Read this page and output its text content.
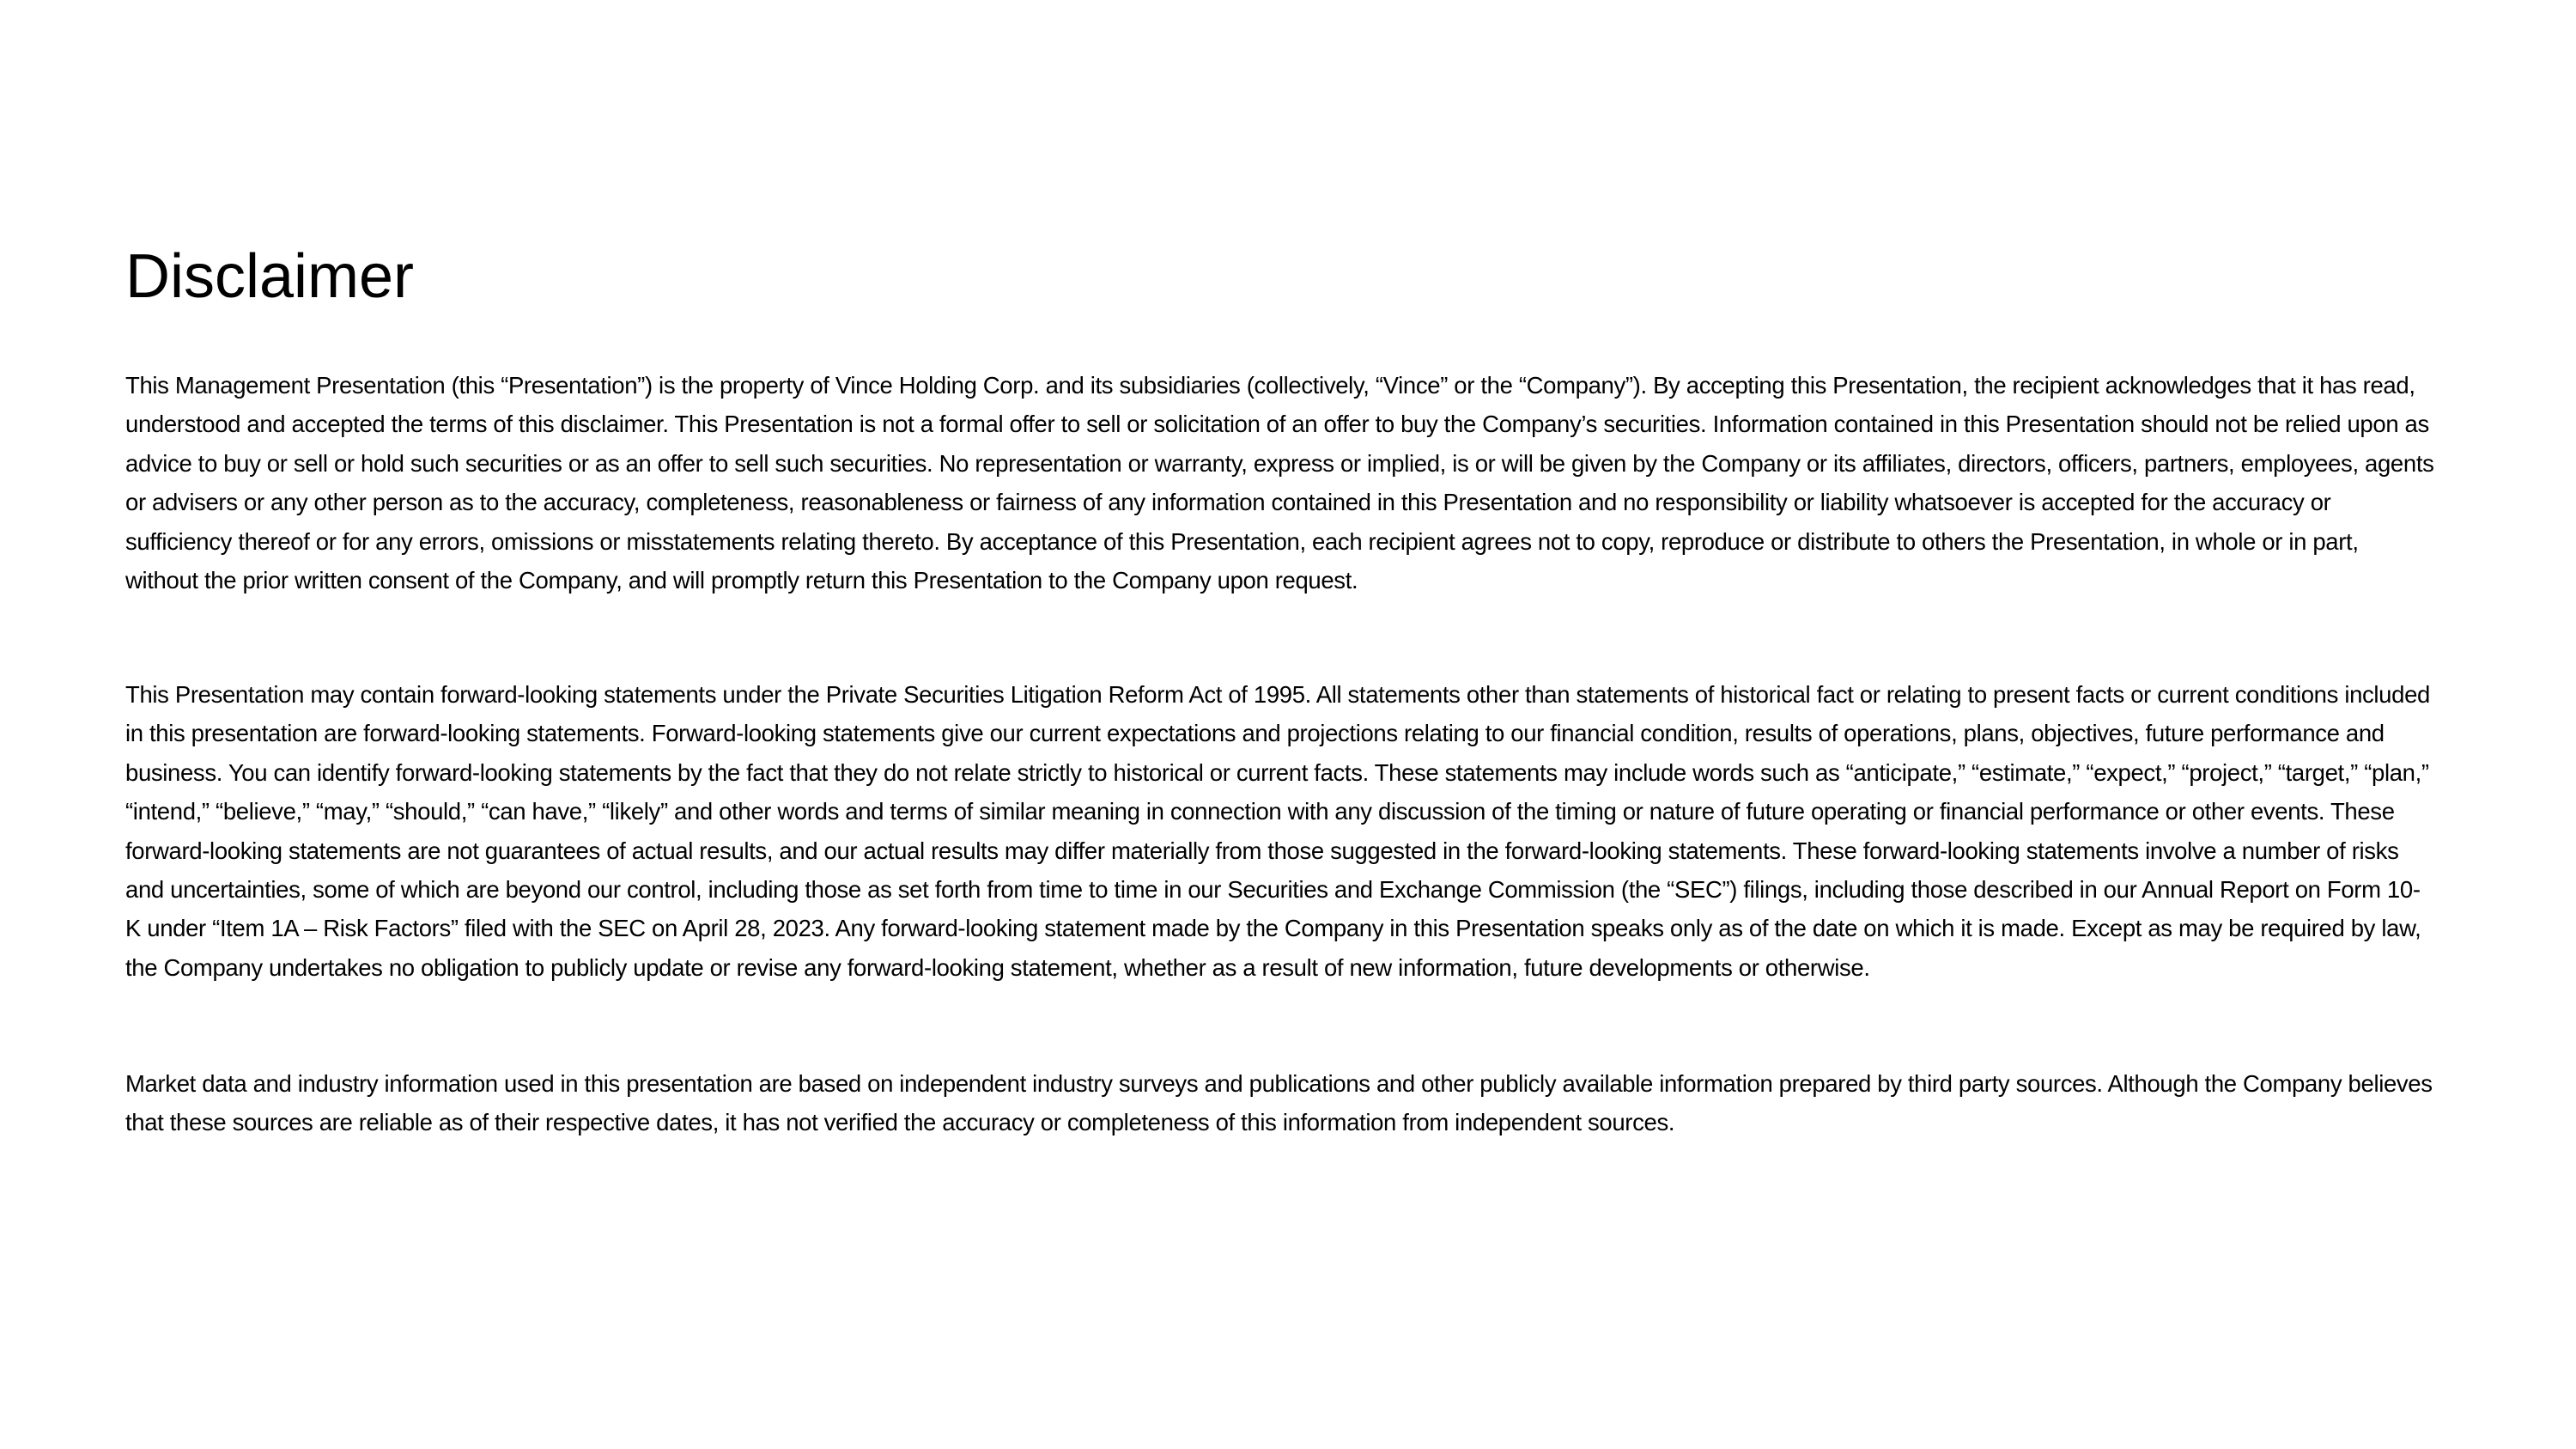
Disclaimer

This Management Presentation (this “Presentation”) is the property of Vince Holding Corp. and its subsidiaries (collectively, “Vince” or the “Company”). By accepting this Presentation, the recipient acknowledges that it has read, understood and accepted the terms of this disclaimer. This Presentation is not a formal offer to sell or solicitation of an offer to buy the Company’s securities. Information contained in this Presentation should not be relied upon as advice to buy or sell or hold such securities or as an offer to sell such securities. No representation or warranty, express or implied, is or will be given by the Company or its affiliates, directors, officers, partners, employees, agents or advisers or any other person as to the accuracy, completeness, reasonableness or fairness of any information contained in this Presentation and no responsibility or liability whatsoever is accepted for the accuracy or sufficiency thereof or for any errors, omissions or misstatements relating thereto. By acceptance of this Presentation, each recipient agrees not to copy, reproduce or distribute to others the Presentation, in whole or in part, without the prior written consent of the Company, and will promptly return this Presentation to the Company upon request.

This Presentation may contain forward-looking statements under the Private Securities Litigation Reform Act of 1995. All statements other than statements of historical fact or relating to present facts or current conditions included in this presentation are forward-looking statements. Forward-looking statements give our current expectations and projections relating to our financial condition, results of operations, plans, objectives, future performance and business. You can identify forward-looking statements by the fact that they do not relate strictly to historical or current facts. These statements may include words such as “anticipate,” “estimate,” “expect,” “project,” “target,” “plan,” “intend,” “believe,” “may,” “should,” “can have,” “likely” and other words and terms of similar meaning in connection with any discussion of the timing or nature of future operating or financial performance or other events. These forward-looking statements are not guarantees of actual results, and our actual results may differ materially from those suggested in the forward-looking statements. These forward-looking statements involve a number of risks and uncertainties, some of which are beyond our control, including those as set forth from time to time in our Securities and Exchange Commission (the “SEC”) filings, including those described in our Annual Report on Form 10-K under “Item 1A – Risk Factors” filed with the SEC on April 28, 2023. Any forward-looking statement made by the Company in this Presentation speaks only as of the date on which it is made. Except as may be required by law, the Company undertakes no obligation to publicly update or revise any forward-looking statement, whether as a result of new information, future developments or otherwise.

Market data and industry information used in this presentation are based on independent industry surveys and publications and other publicly available information prepared by third party sources. Although the Company believes that these sources are reliable as of their respective dates, it has not verified the accuracy or completeness of this information from independent sources.
